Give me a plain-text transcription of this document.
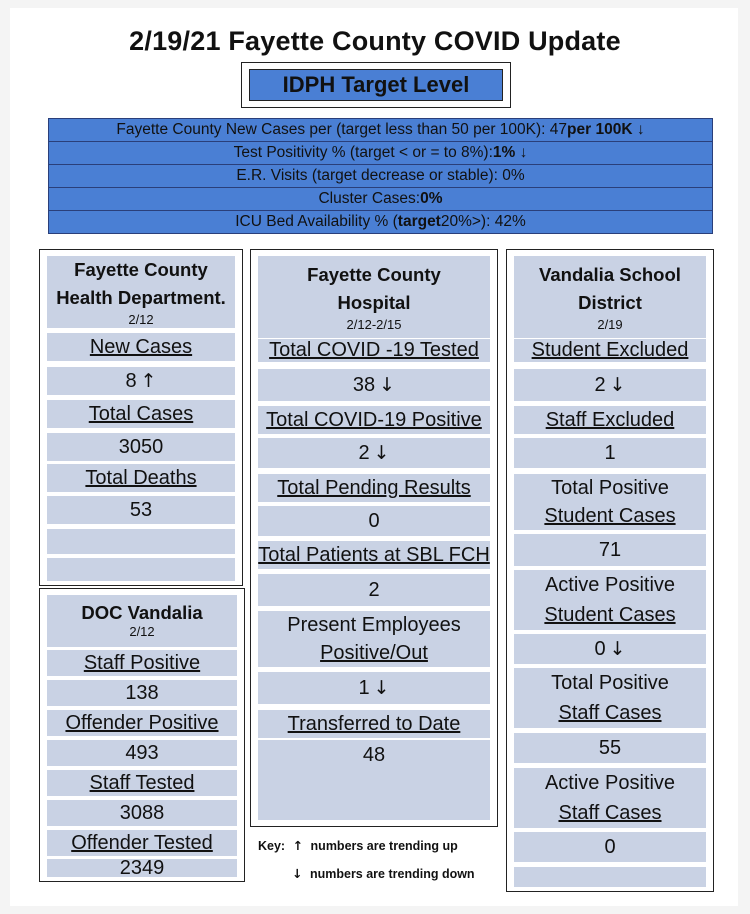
2/19/21 Fayette County COVID Update
IDPH Target Level
Fayette County New Cases per (target less than 50 per 100K): 47 per 100K ↓
Test Positivity % (target < or = to 8%): 1% ↓
E.R. Visits (target decrease or stable): 0%
Cluster Cases: 0%
ICU Bed Availability % ( target 20%>): 42%
Fayette County
Health Department.
2/12
New Cases
8 ↑
Total Cases
3050
Total Deaths
53
DOC Vandalia
2/12
Staff Positive
138
Offender Positive
493
Staff Tested
3088
Offender Tested
2349
Fayette County
Hospital
2/12-2/15
Total COVID -19 Tested
38 ↓
Total COVID-19 Positive
2 ↓
Total Pending Results
0
Total Patients at SBL FCH
2
Present Employees
Positive/Out
1 ↓
Transferred to Date
48
Vandalia School
District
2/19
Student Excluded
2 ↓
Staff Excluded
1
Total Positive
Student Cases
71
Active Positive
Student Cases
0 ↓
Total Positive
Staff Cases
55
Active Positive
Staff Cases
0
Key: ↑ numbers are trending up
↓ numbers are trending down
